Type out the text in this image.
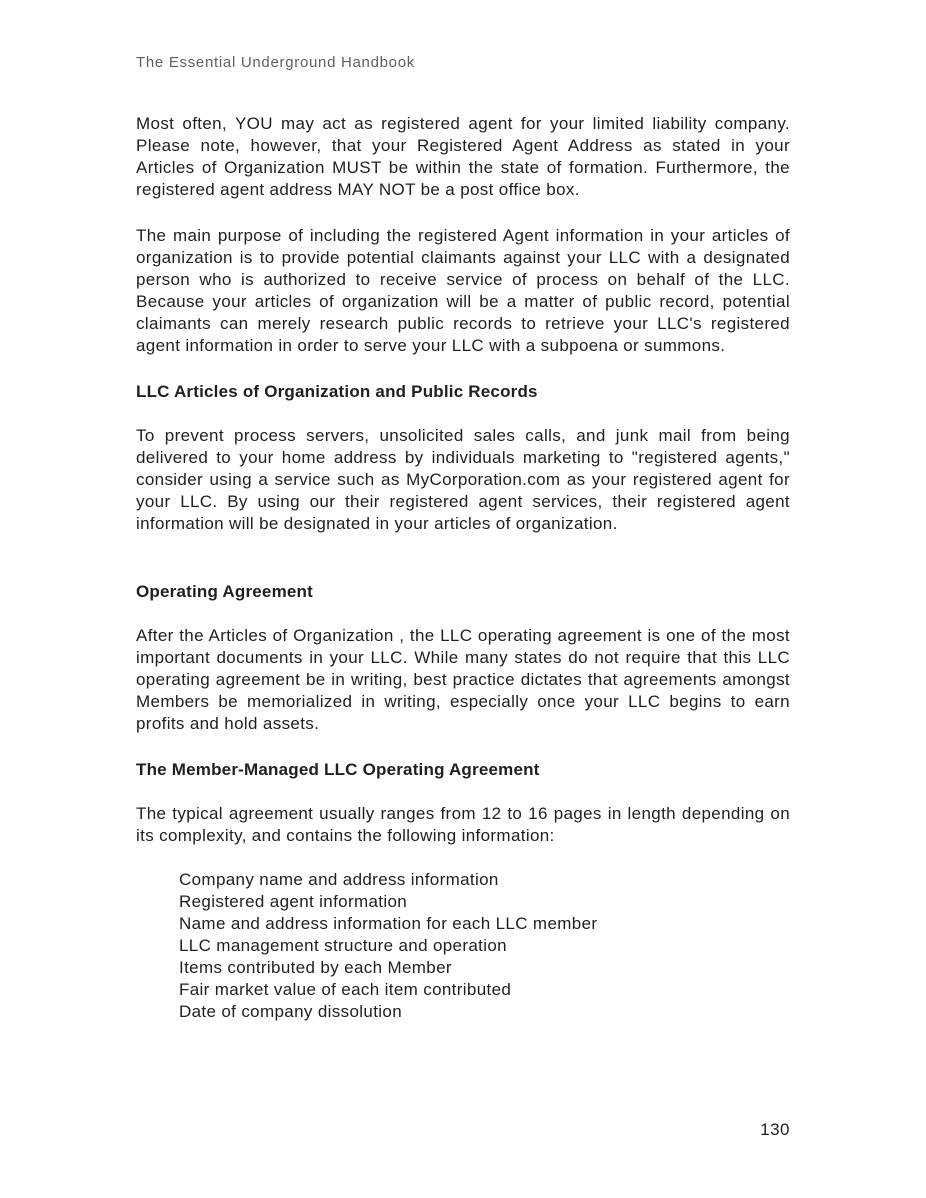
The Essential Underground Handbook

Most often, YOU may act as registered agent for your limited liability company. Please note, however, that your Registered Agent Address as stated in your Articles of Organization MUST be within the state of formation. Furthermore, the registered agent address MAY NOT be a post office box.

The main purpose of including the registered Agent information in your articles of organization is to provide potential claimants against your LLC with a designated person who is authorized to receive service of process on behalf of the LLC. Because your articles of organization will be a matter of public record, potential claimants can merely research public records to retrieve your LLC's registered agent information in order to serve your LLC with a subpoena or summons.

LLC Articles of Organization and Public Records

To prevent process servers, unsolicited sales calls, and junk mail from being delivered to your home address by individuals marketing to "registered agents," consider using a service such as MyCorporation.com as your registered agent for your LLC. By using our their registered agent services, their registered agent information will be designated in your articles of organization.

Operating Agreement

After the Articles of Organization , the LLC operating agreement is one of the most important documents in your LLC. While many states do not require that this LLC operating agreement be in writing, best practice dictates that agreements amongst Members be memorialized in writing, especially once your LLC begins to earn profits and hold assets.

The Member-Managed LLC Operating Agreement

The typical agreement usually ranges from 12 to 16 pages in length depending on its complexity, and contains the following information:

Company name and address information
Registered agent information
Name and address information for each LLC member
LLC management structure and operation
Items contributed by each Member
Fair market value of each item contributed
Date of company dissolution
130
